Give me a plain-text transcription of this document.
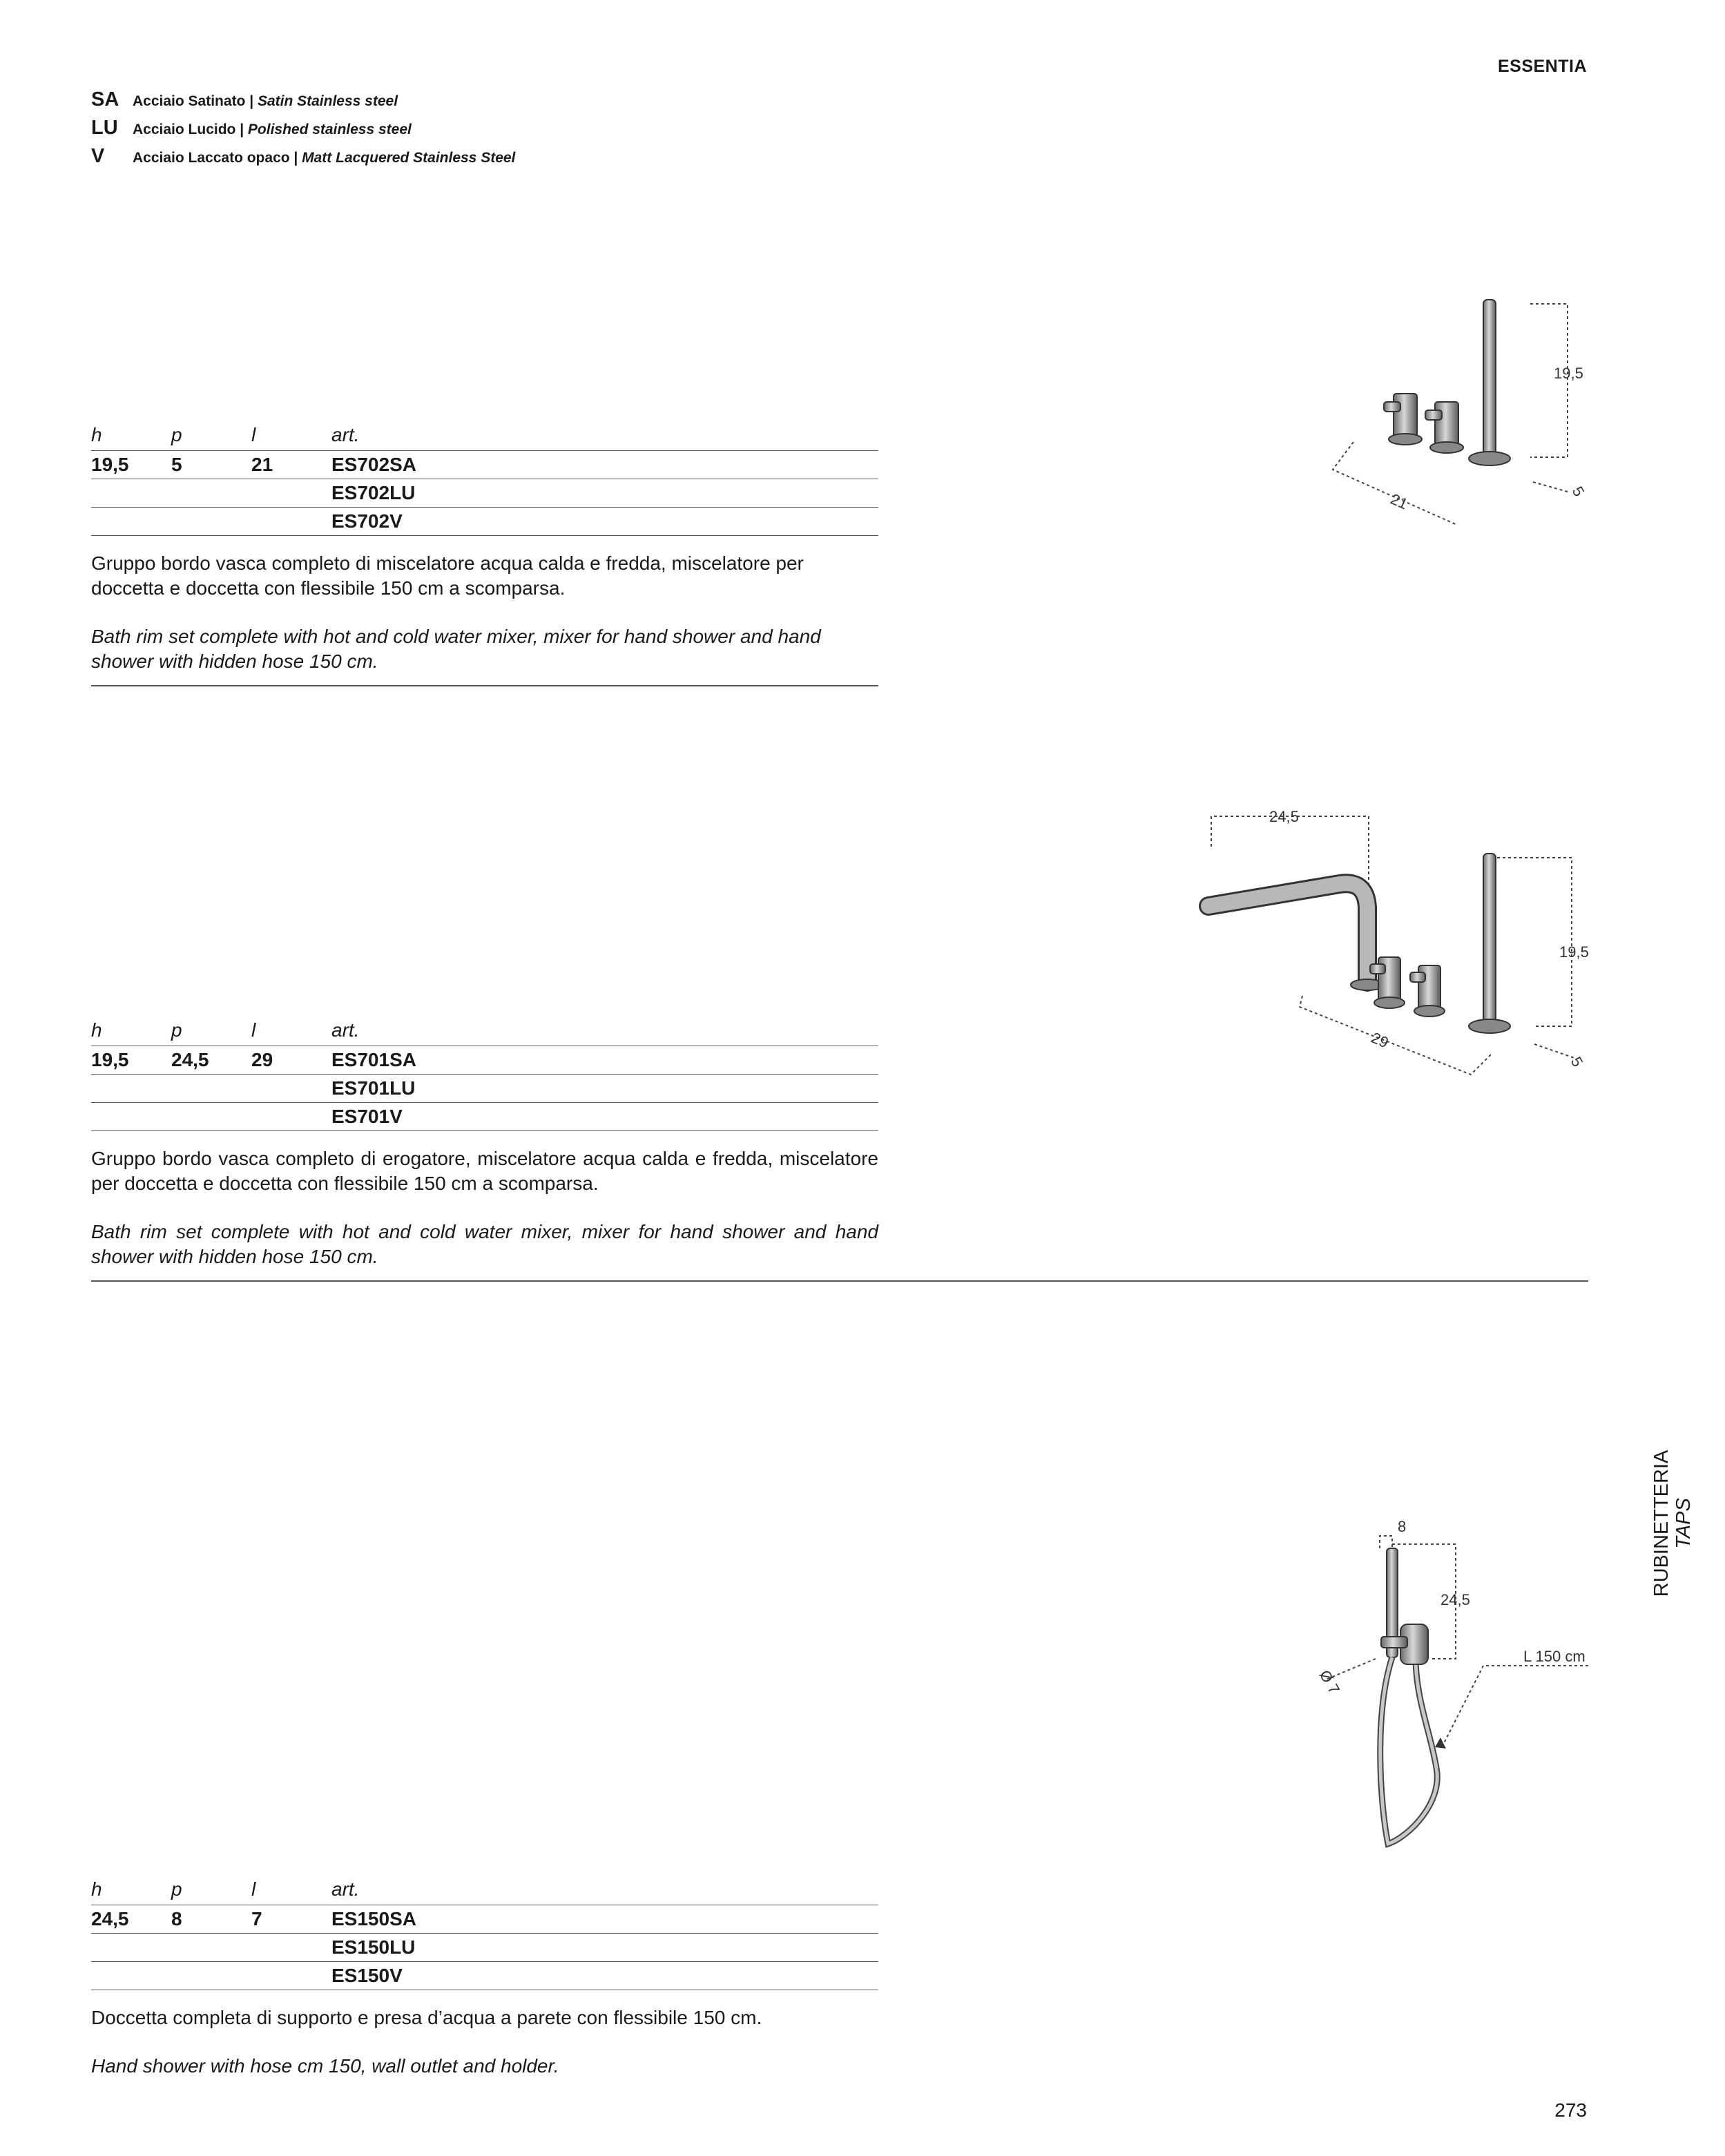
ESSENTIA
SA Acciaio Satinato | Satin Stainless steel
LU	Acciaio Lucido | Polished stainless steel
V	Acciaio Laccato opaco | Matt Lacquered Stainless Steel
h	p	l	art.
19,5	5	21	ES702SA
			ES702LU
			ES702V
Gruppo bordo vasca completo di miscelatore acqua calda e fredda, miscelatore per doccetta e doccetta con flessibile 150 cm a scomparsa.
Bath rim set complete with hot and cold water mixer, mixer for hand shower and hand shower with hidden hose 150 cm.
h	p	l	art.
19,5	24,5	29	ES701SA
			ES701LU
			ES701V
Gruppo bordo vasca completo di erogatore, miscelatore acqua calda e fredda, miscelatore per doccetta e doccetta con flessibile 150 cm a scomparsa.
Bath rim set complete with hot and cold water mixer, mixer for hand shower and hand shower with hidden hose 150 cm.
h	p	l	art.
24,5	8	7	ES150SA
			ES150LU
			ES150V
Doccetta completa di supporto e presa d’acqua a parete con flessibile 150 cm.
Hand shower with hose cm 150, wall outlet and holder.
19,5
21	5
24,5
19,5
29
5
8
24,5
Ø 7
L 150 cm
RUBINETTERIA TAPS
273
